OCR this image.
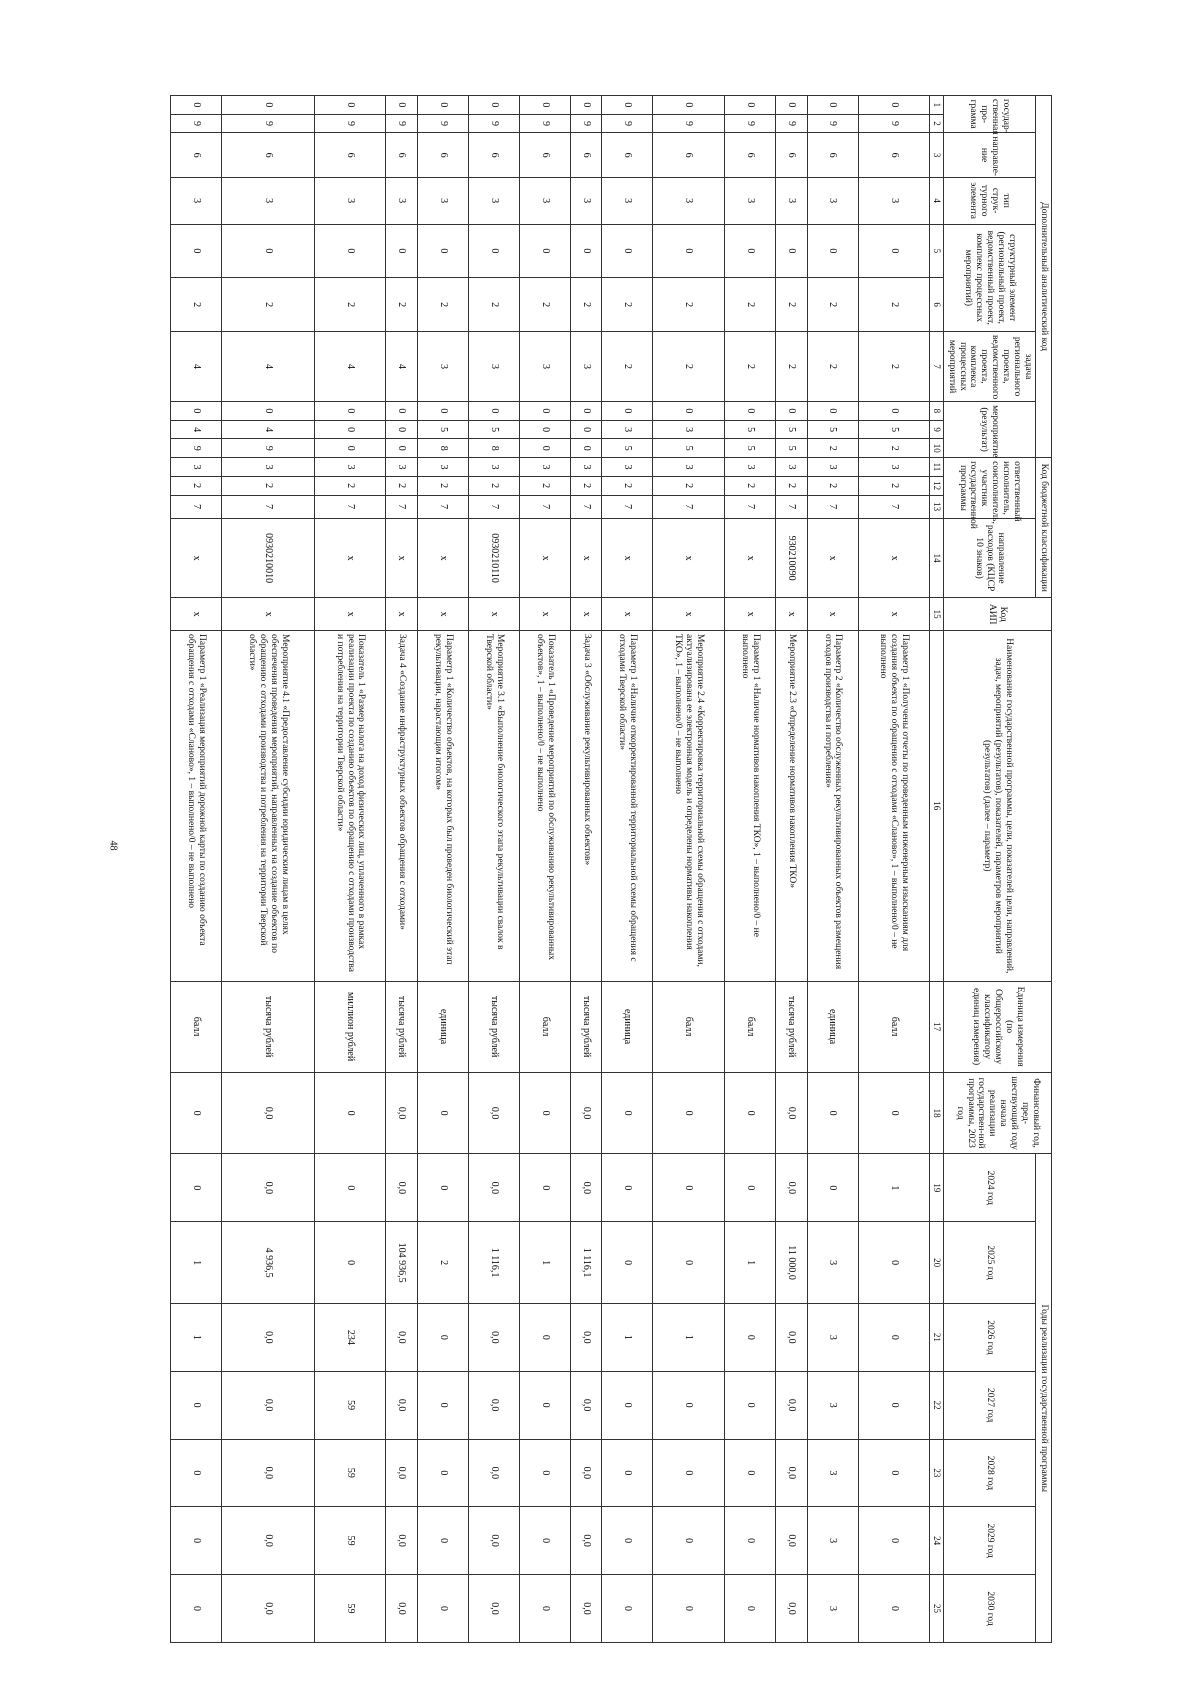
48
Дополнительный аналитический код										Код бюджетной классификации				Код АИП	Наименование государственной программы, цели, показателей цели, направлений, задач, мероприятий (результатов), показателей, параметров мероприятий (результатов) (далее – параметр)	Единица измерения (по Общероссийскому классификатору единиц измерения)	Финансовый год, пред-шествующий году начала реализации государствен-ной программы, 2023 год	Годы реализации государственной программы						
государ-ственная про-грамма		направле-ние	тип струк-турного элемента	структурный элемент (региональный проект, ведомственный проект, комплекс процессных мероприятий)		задача регионального проекта, ведомственного проекта, комплекса процессных мероприятий	мероприятие (результат)			ответственный исполнитель, соисполнитель, участник государственной программы			направление расходов (КЦСР 10 знаков)					2024 год	2025 год	2026 год	2027 год	2028 год	2029 год	2030 год
1	2	3	4	5	6	7	8	9	10	11	12	13	14	15	16	17	18	19	20	21	22	23	24	25
0	9	6	3	0	2	2	0	5	2	3	2	7	x	x	Параметр 1 «Получены отчеты по проведенным инженерным изысканиям для создания объекта по обращению с отходами «Сланово», 1 – выполнено/0 – не выполнено	балл	0	1	0	0	0	0	0	0
0	9	6	3	0	2	2	0	5	2	3	2	7	x	x	Параметр 2 «Количество обслуженных рекультивированных объектов размещения отходов производства и потребления»	единица	0	0	3	3	3	3	3	3
0	9	6	3	0	2	2	0	5	5	3	2	7	930210090	x	Мероприятие 2.3 «Определение нормативов накопления ТКО»	тысяча рублей	0,0	0,0	11 000,0	0,0	0,0	0,0	0,0	0,0
0	9	6	3	0	2	2	0	5	5	3	2	7	x	x	Параметр 1 «Наличие нормативов накопления ТКО», 1 – выполнено/0 – не выполнено	балл	0	0	1	0	0	0	0	0
0	9	6	3	0	2	2	0	3	5	3	2	7	x	x	Мероприятие 2.4 «Корректировка территориальной схемы обращения с отходами, актуализирована ее электронная модель и определены нормативы накопления ТКО», 1 – выполнено/0 – не выполнено	балл	0	0	0	1	0	0	0	0
0	9	6	3	0	2	2	0	3	5	3	2	7	x	x	Параметр 1 «Наличие откорректированной территориальной схемы обращения с отходами Тверской области»	единица	0	0	0	1	0	0	0	0
0	9	6	3	0	2	3	0	0	0	3	2	7	x	x	Задача 3 «Обслуживание рекультивированных объектов»	тысяча рублей	0,0	0,0	1 116,1	0,0	0,0	0,0	0,0	0,0
0	9	6	3	0	2	3	0	0	0	3	2	7	x	x	Показатель 1 «Проведение мероприятий по обслуживанию рекультивированных объектов», 1 – выполнено/0 – не выполнено	балл	0	0	1	0	0	0	0	0
0	9	6	3	0	2	3	0	5	8	3	2	7	0930210110	x	Мероприятие 3.1 «Выполнение биологического этапа рекультивации свалок в Тверской области»	тысяча рублей	0,0	0,0	1 116,1	0,0	0,0	0,0	0,0	0,0
0	9	6	3	0	2	3	0	5	8	3	2	7	x	x	Параметр 1 «Количество объектов, на которых был проведен биологический этап рекультивации, нарастающим итогом»	единица	0	0	2	0	0	0	0	0
0	9	6	3	0	2	4	0	0	0	3	2	7	x	x	Задача 4 «Создание инфраструктурных объектов обращения с отходами»	тысяча рублей	0,0	0,0	104 936,5	0,0	0,0	0,0	0,0	0,0
0	9	6	3	0	2	4	0	0	0	3	2	7	x	x	Показатель 1 «Размер налога на доход физических лиц, уплаченного в рамках реализации проекта по созданию объектов по обращению с отходами производства и потребления на территории Тверской области»	миллион рублей	0	0	0	234	59	59	59	59
0	9	6	3	0	2	4	0	4	9	3	2	7	0930210010	x	Мероприятие 4.1 «Предоставление субсидии юридическим лицам в целях обеспечения проведения мероприятий, направленных на создание объектов по обращению с отходами производства и потребления на территории Тверской области»	тысяча рублей	0,0	0,0	4 936,5	0,0	0,0	0,0	0,0	0,0
0	9	6	3	0	2	4	0	4	9	3	2	7	x	x	Параметр 1 «Реализация мероприятий дорожной карты по созданию объекта обращения с отходами «Сланово», 1 – выполнено/0 – не выполнено	балл	0	0	1	1	0	0	0	0
